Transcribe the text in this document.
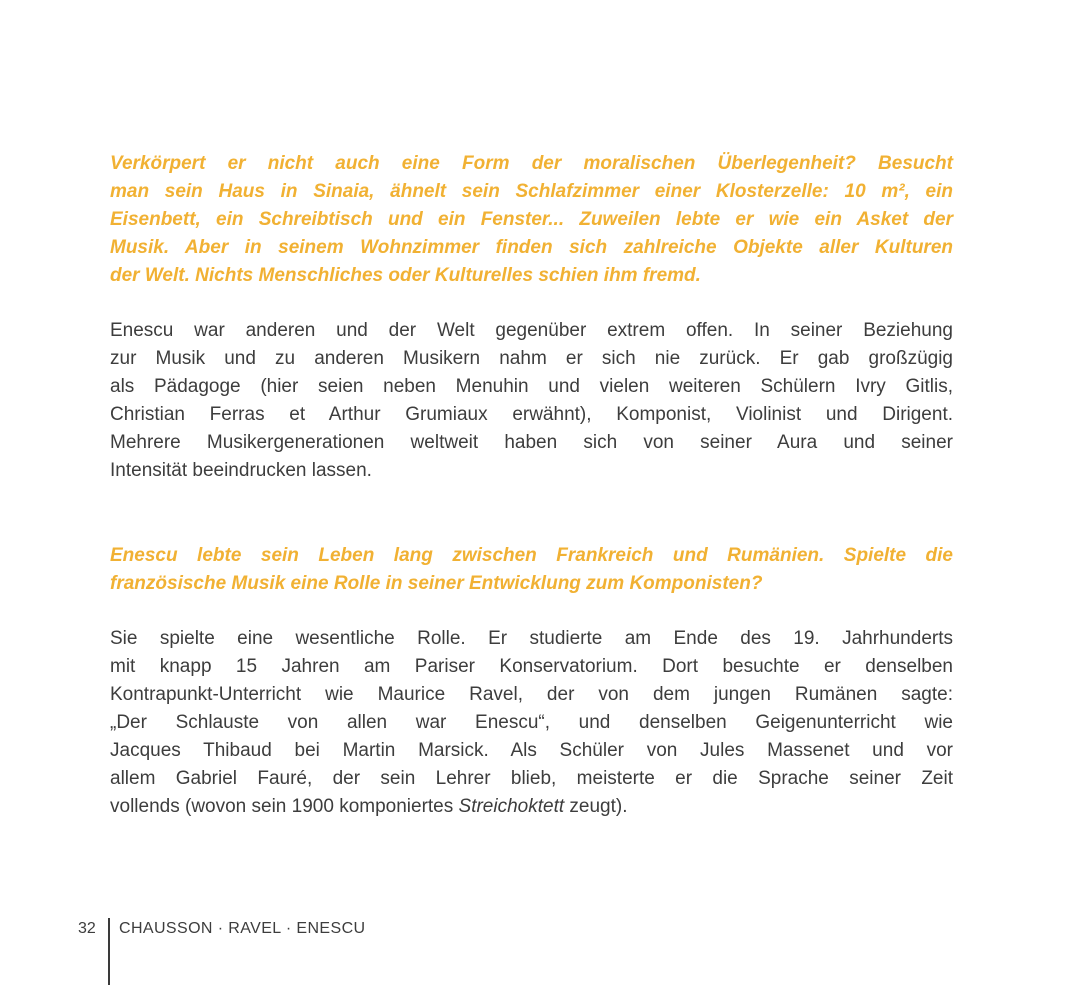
Verkörpert er nicht auch eine Form der moralischen Überlegenheit? Besucht
man sein Haus in Sinaia, ähnelt sein Schlafzimmer einer Klosterzelle: 10 m², ein
Eisenbett, ein Schreibtisch und ein Fenster... Zuweilen lebte er wie ein Asket der
Musik. Aber in seinem Wohnzimmer finden sich zahlreiche Objekte aller Kulturen
der Welt. Nichts Menschliches oder Kulturelles schien ihm fremd.
Enescu war anderen und der Welt gegenüber extrem offen. In seiner Beziehung
zur Musik und zu anderen Musikern nahm er sich nie zurück. Er gab großzügig
als Pädagoge (hier seien neben Menuhin und vielen weiteren Schülern Ivry Gitlis,
Christian Ferras et Arthur Grumiaux erwähnt), Komponist, Violinist und Dirigent.
Mehrere Musikergenerationen weltweit haben sich von seiner Aura und seiner
Intensität beeindrucken lassen.
Enescu lebte sein Leben lang zwischen Frankreich und Rumänien. Spielte die
französische Musik eine Rolle in seiner Entwicklung zum Komponisten?
Sie spielte eine wesentliche Rolle. Er studierte am Ende des 19. Jahrhunderts
mit knapp 15 Jahren am Pariser Konservatorium. Dort besuchte er denselben
Kontrapunkt-Unterricht wie Maurice Ravel, der von dem jungen Rumänen sagte:
„Der Schlauste von allen war Enescu“, und denselben Geigenunterricht wie
Jacques Thibaud bei Martin Marsick. Als Schüler von Jules Massenet und vor
allem Gabriel Fauré, der sein Lehrer blieb, meisterte er die Sprache seiner Zeit
vollends (wovon sein 1900 komponiertes Streichoktett zeugt).
32 CHAUSSON · RAVEL · ENESCU
